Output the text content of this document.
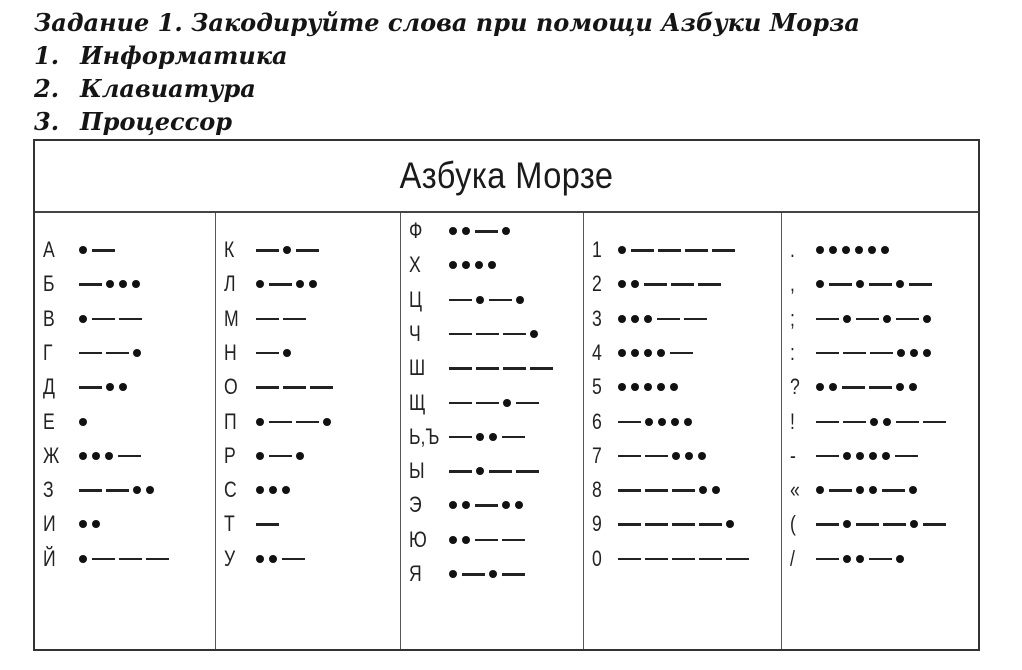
Задание 1. Закодируйте слова при помощи Азбуки Морза
1. Информатика
2. Клавиатура
3. Процессор
Азбука Морзе
А
Б
В
Г
Д
Е
Ж
З
И
Й
К
Л
М
Н
О
П
Р
С
Т
У
Ф
Х
Ц
Ч
Ш
Щ
Ь,Ъ
Ы
Э
Ю
Я
1
2
3
4
5
6
7
8
9
0
.
,
;
:
?
!
-
«
(
/
